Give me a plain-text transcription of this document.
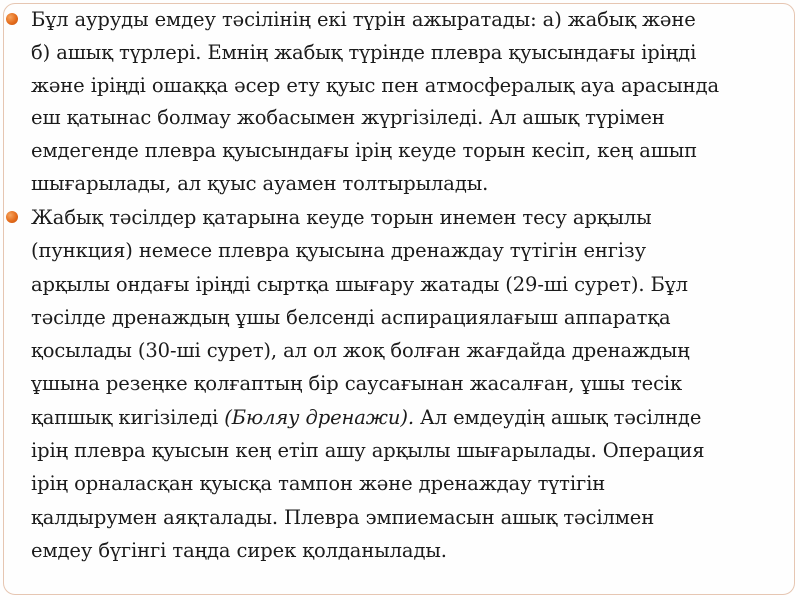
Бұл ауруды емдеу тәсілінің екі түрін ажыратады: а) жабық және
б) ашық түрлері. Емнің жабық түрінде плевра қуысындағы іріңді
және іріңді ошаққа әсер ету қуыс пен атмосфералық ауа арасында
еш қатынас болмау жобасымен жүргізіледі. Ал ашық түрімен
емдегенде плевра қуысындағы ірің кеуде торын кесіп, кең ашып
шығарылады, ал қуыс ауамен толтырылады.

Жабық тәсілдер қатарына кеуде торын инемен тесу арқылы
(пункция) немесе плевра қуысына дренаждау түтігін енгізу
арқылы ондағы іріңді сыртқа шығару жатады (29-ші сурет). Бұл
тәсілде дренаждың ұшы белсенді аспирациялағыш аппаратқа
қосылады (30-ші сурет), ал ол жоқ болған жағдайда дренаждың
ұшына резеңке қолғаптың бір саусағынан жасалған, ұшы тесік
қапшық кигізіледі (Бюляу дренажи). Ал емдеудің ашық тәсілнде
ірің плевра қуысын кең етіп ашу арқылы шығарылады. Операция
ірің орналасқан қуысқа тампон және дренаждау түтігін
қалдырумен аяқталады. Плевра эмпиемасын ашық тәсілмен
емдеу бүгінгі таңда сирек қолданылады.
